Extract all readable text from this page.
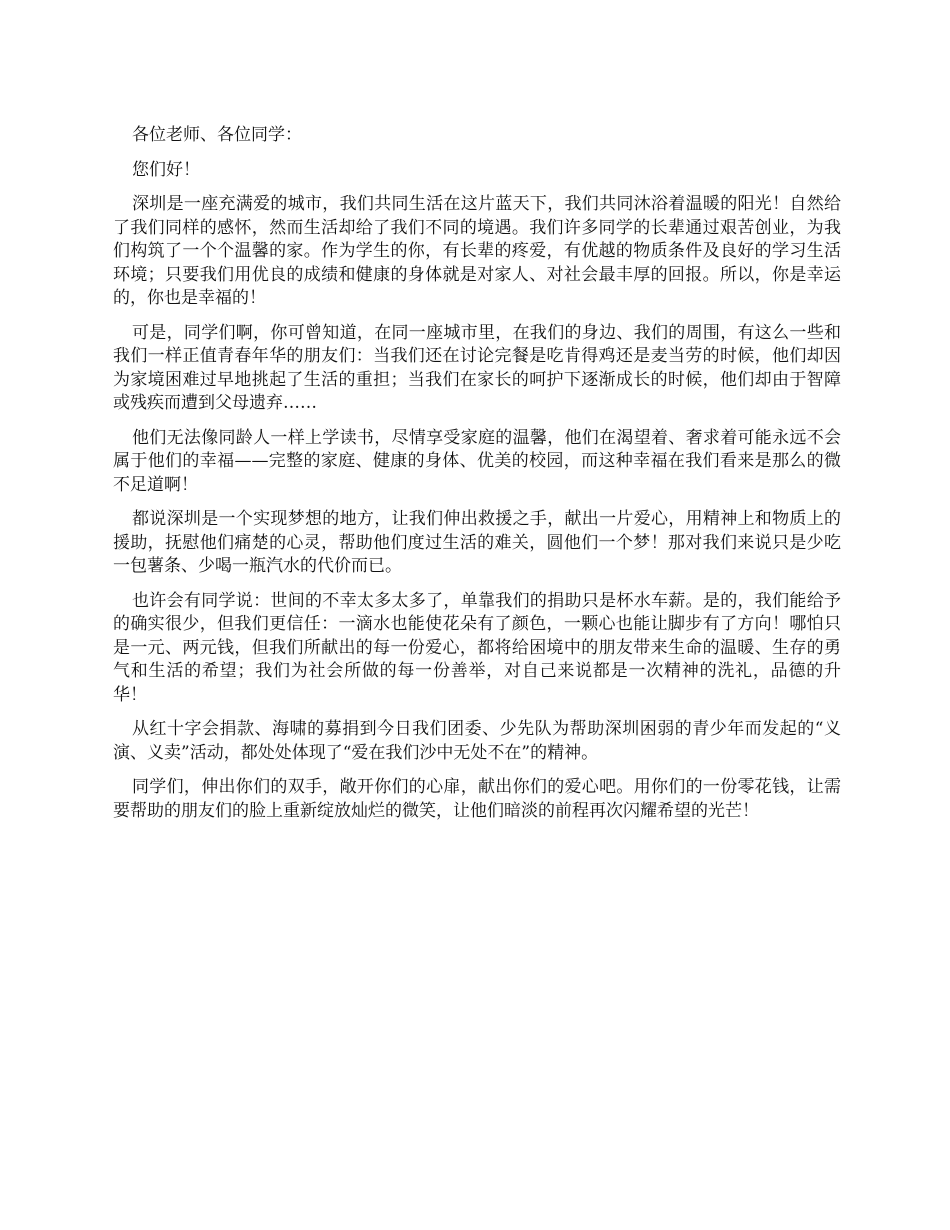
各位老师、各位同学：

您们好！

深圳是一座充满爱的城市，我们共同生活在这片蓝天下，我们共同沐浴着温暖的阳光！自然给了我们同样的感怀，然而生活却给了我们不同的境遇。我们许多同学的长辈通过艰苦创业，为我们构筑了一个个温馨的家。作为学生的你，有长辈的疼爱，有优越的物质条件及良好的学习生活环境；只要我们用优良的成绩和健康的身体就是对家人、对社会最丰厚的回报。所以，你是幸运的，你也是幸福的！

可是，同学们啊，你可曾知道，在同一座城市里，在我们的身边、我们的周围，有这么一些和我们一样正值青春年华的朋友们：当我们还在讨论完餐是吃肯得鸡还是麦当劳的时候，他们却因为家境困难过早地挑起了生活的重担；当我们在家长的呵护下逐渐成长的时候，他们却由于智障或残疾而遭到父母遗弃……

他们无法像同龄人一样上学读书，尽情享受家庭的温馨，他们在渴望着、奢求着可能永远不会属于他们的幸福——完整的家庭、健康的身体、优美的校园，而这种幸福在我们看来是那么的微不足道啊！

都说深圳是一个实现梦想的地方，让我们伸出救援之手，献出一片爱心，用精神上和物质上的援助，抚慰他们痛楚的心灵，帮助他们度过生活的难关，圆他们一个梦！那对我们来说只是少吃一包薯条、少喝一瓶汽水的代价而已。

也许会有同学说：世间的不幸太多太多了，单靠我们的捐助只是杯水车薪。是的，我们能给予的确实很少，但我们更信任：一滴水也能使花朵有了颜色，一颗心也能让脚步有了方向！哪怕只是一元、两元钱，但我们所献出的每一份爱心，都将给困境中的朋友带来生命的温暖、生存的勇气和生活的希望；我们为社会所做的每一份善举，对自己来说都是一次精神的洗礼，品德的升华！

从红十字会捐款、海啸的募捐到今日我们团委、少先队为帮助深圳困弱的青少年而发起的“义演、义卖”活动，都处处体现了“爱在我们沙中无处不在”的精神。

同学们，伸出你们的双手，敞开你们的心扉，献出你们的爱心吧。用你们的一份零花钱，让需要帮助的朋友们的脸上重新绽放灿烂的微笑，让他们暗淡的前程再次闪耀希望的光芒！
